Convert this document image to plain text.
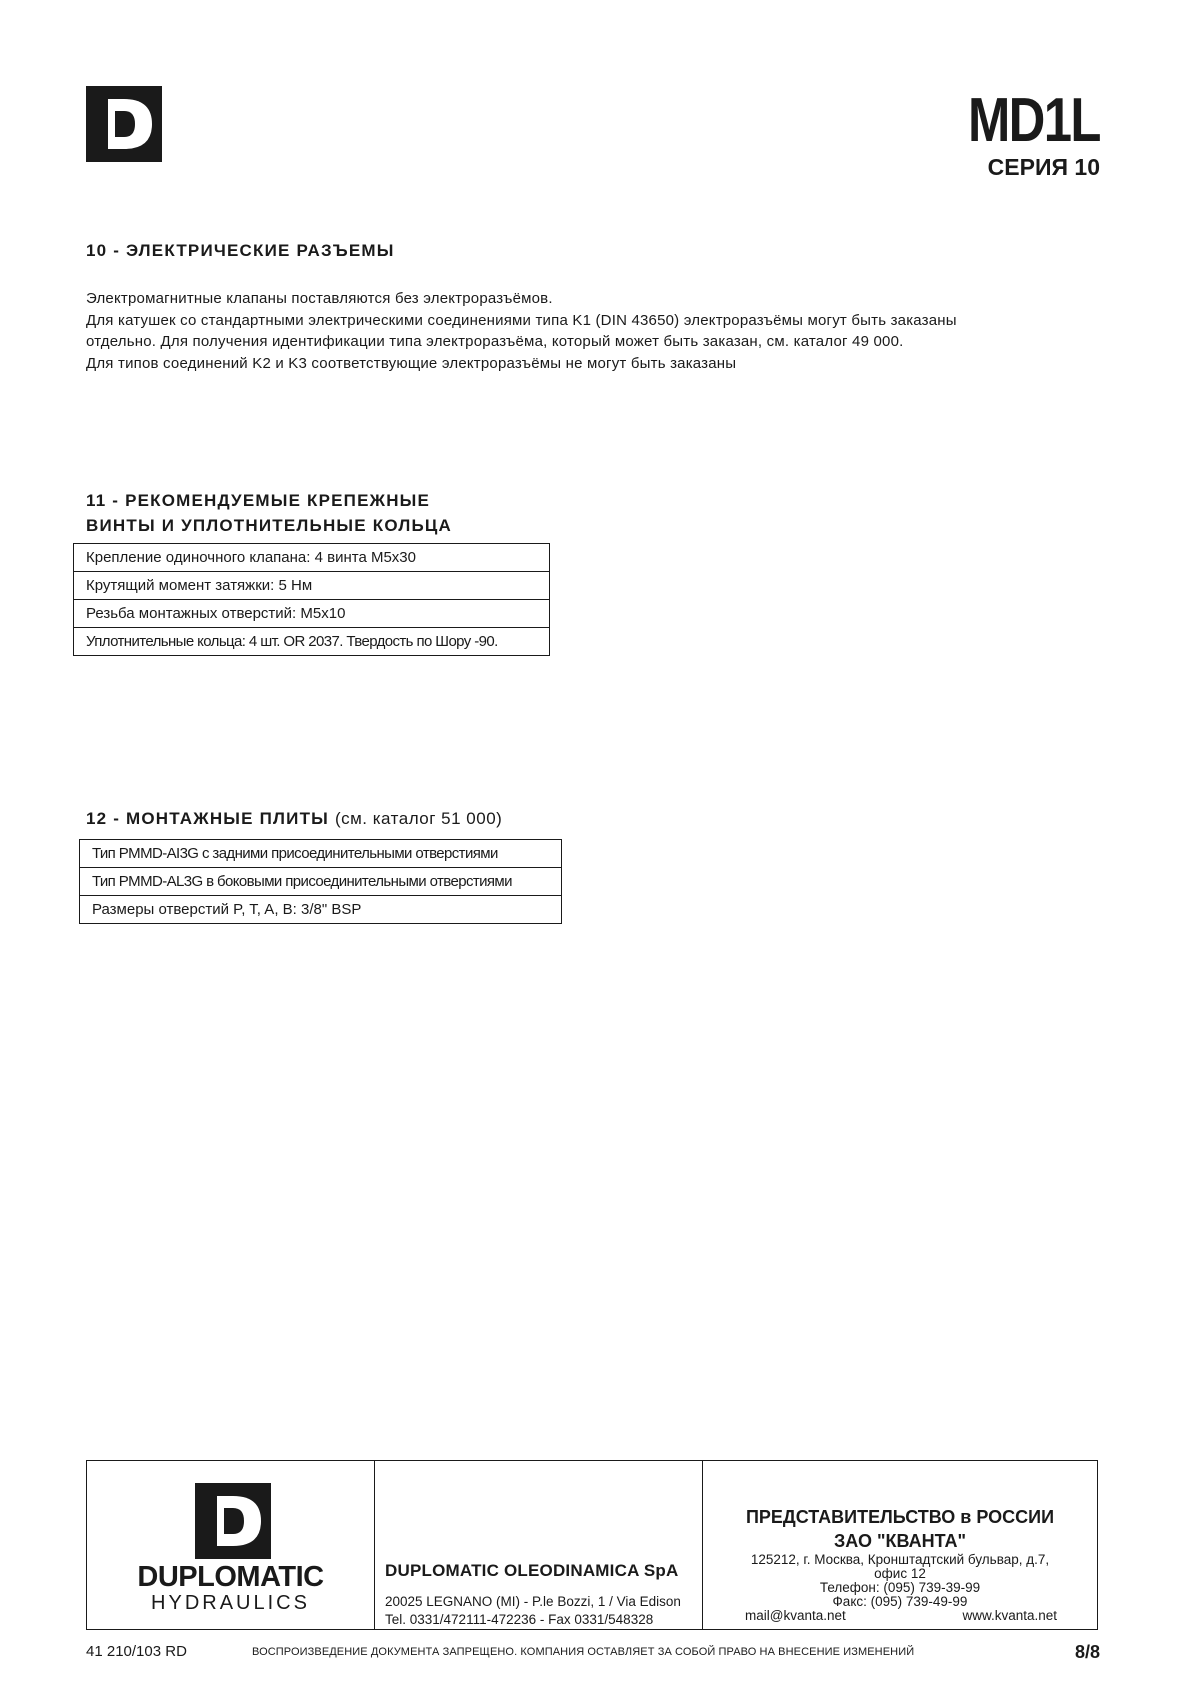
MD1L
СЕРИЯ 10
10 - ЭЛЕКТРИЧЕСКИЕ РАЗЪЕМЫ
Электромагнитные клапаны поставляются без электроразъёмов.
Для катушек со стандартными электрическими соединениями типа K1 (DIN 43650) электроразъёмы могут быть заказаны
отдельно. Для получения идентификации типа электроразъёма, который может быть заказан, см. каталог 49 000.
Для типов соединений K2 и K3 соответствующие электроразъёмы не могут быть заказаны
11 - РЕКОМЕНДУЕМЫЕ КРЕПЕЖНЫЕ
ВИНТЫ И УПЛОТНИТЕЛЬНЫЕ КОЛЬЦА
Крепление одиночного клапана: 4 винта M5x30
Крутящий момент затяжки: 5 Нм
Резьба монтажных отверстий: M5x10
Уплотнительные кольца: 4 шт. OR 2037. Твердость по Шору -90.
12 - МОНТАЖНЫЕ ПЛИТЫ (см. каталог 51 000)
Тип PMMD-AI3G с задними присоединительными отверстиями
Тип PMMD-AL3G в боковыми присоединительными отверстиями
Размеры отверстий P, T, A, B: 3/8" BSP
DUPLOMATIC
HYDRAULICS
DUPLOMATIC OLEODINAMICA SpA
20025 LEGNANO (MI) - P.le Bozzi, 1 / Via Edison
Tel. 0331/472111-472236 - Fax 0331/548328
ПРЕДСТАВИТЕЛЬСТВО в РОССИИ
ЗАО "КВАНТА"
125212, г. Москва, Кронштадтский бульвар, д.7,
офис 12
Телефон: (095) 739-39-99
Факс: (095) 739-49-99
mail@kvanta.net	www.kvanta.net
41 210/103 RD	ВОСПРОИЗВЕДЕНИЕ ДОКУМЕНТА ЗАПРЕЩЕНО. КОМПАНИЯ ОСТАВЛЯЕТ ЗА СОБОЙ ПРАВО НА ВНЕСЕНИЕ ИЗМЕНЕНИЙ	8/8
